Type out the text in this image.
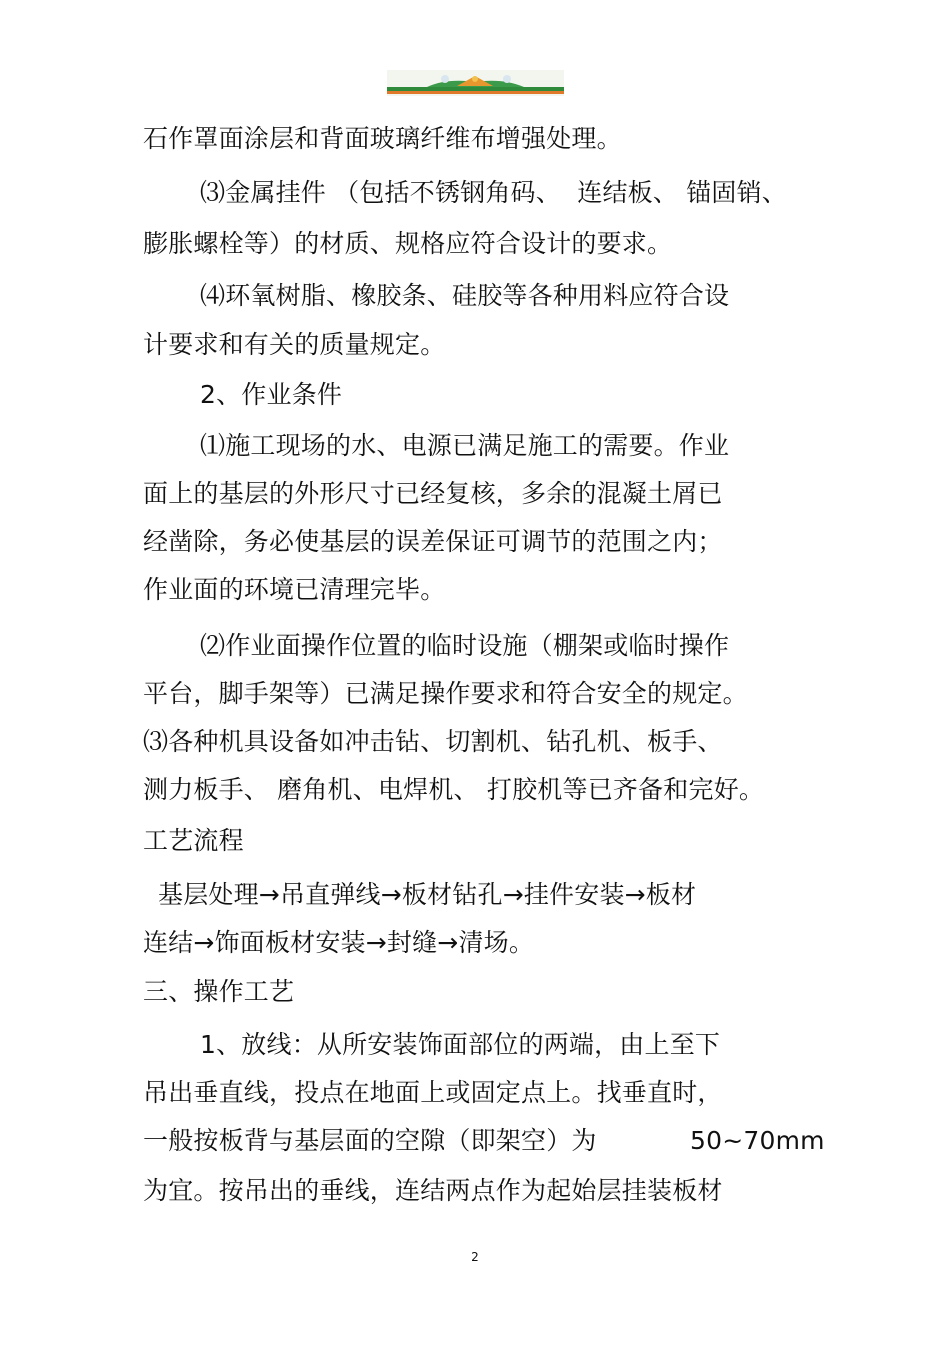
石作罩面涂层和背面玻璃纤维布增强处理。
⑶金属挂件 （包括不锈钢角码、  连结板、 锚固销、
膨胀螺栓等）的材质、规格应符合设计的要求。
⑷环氧树脂、橡胶条、硅胶等各种用料应符合设
计要求和有关的质量规定。
2、作业条件
⑴施工现场的水、电源已满足施工的需要。作业
面上的基层的外形尺寸已经复核，多余的混凝土屑已
经凿除，务必使基层的误差保证可调节的范围之内；
作业面的环境已清理完毕。
⑵作业面操作位置的临时设施（棚架或临时操作
平台，脚手架等）已满足操作要求和符合安全的规定。
⑶各种机具设备如冲击钻、切割机、钻孔机、板手、
测力板手、 磨角机、电焊机、 打胶机等已齐备和完好。
工艺流程
基层处理→吊直弹线→板材钻孔→挂件安装→板材
连结→饰面板材安装→封缝→清场。
三、操作工艺
1、放线：从所安装饰面部位的两端，由上至下
吊出垂直线，投点在地面上或固定点上。找垂直时，
一般按板背与基层面的空隙（即架空）为	50~70mm
为宜。按吊出的垂线，连结两点作为起始层挂装板材
2
